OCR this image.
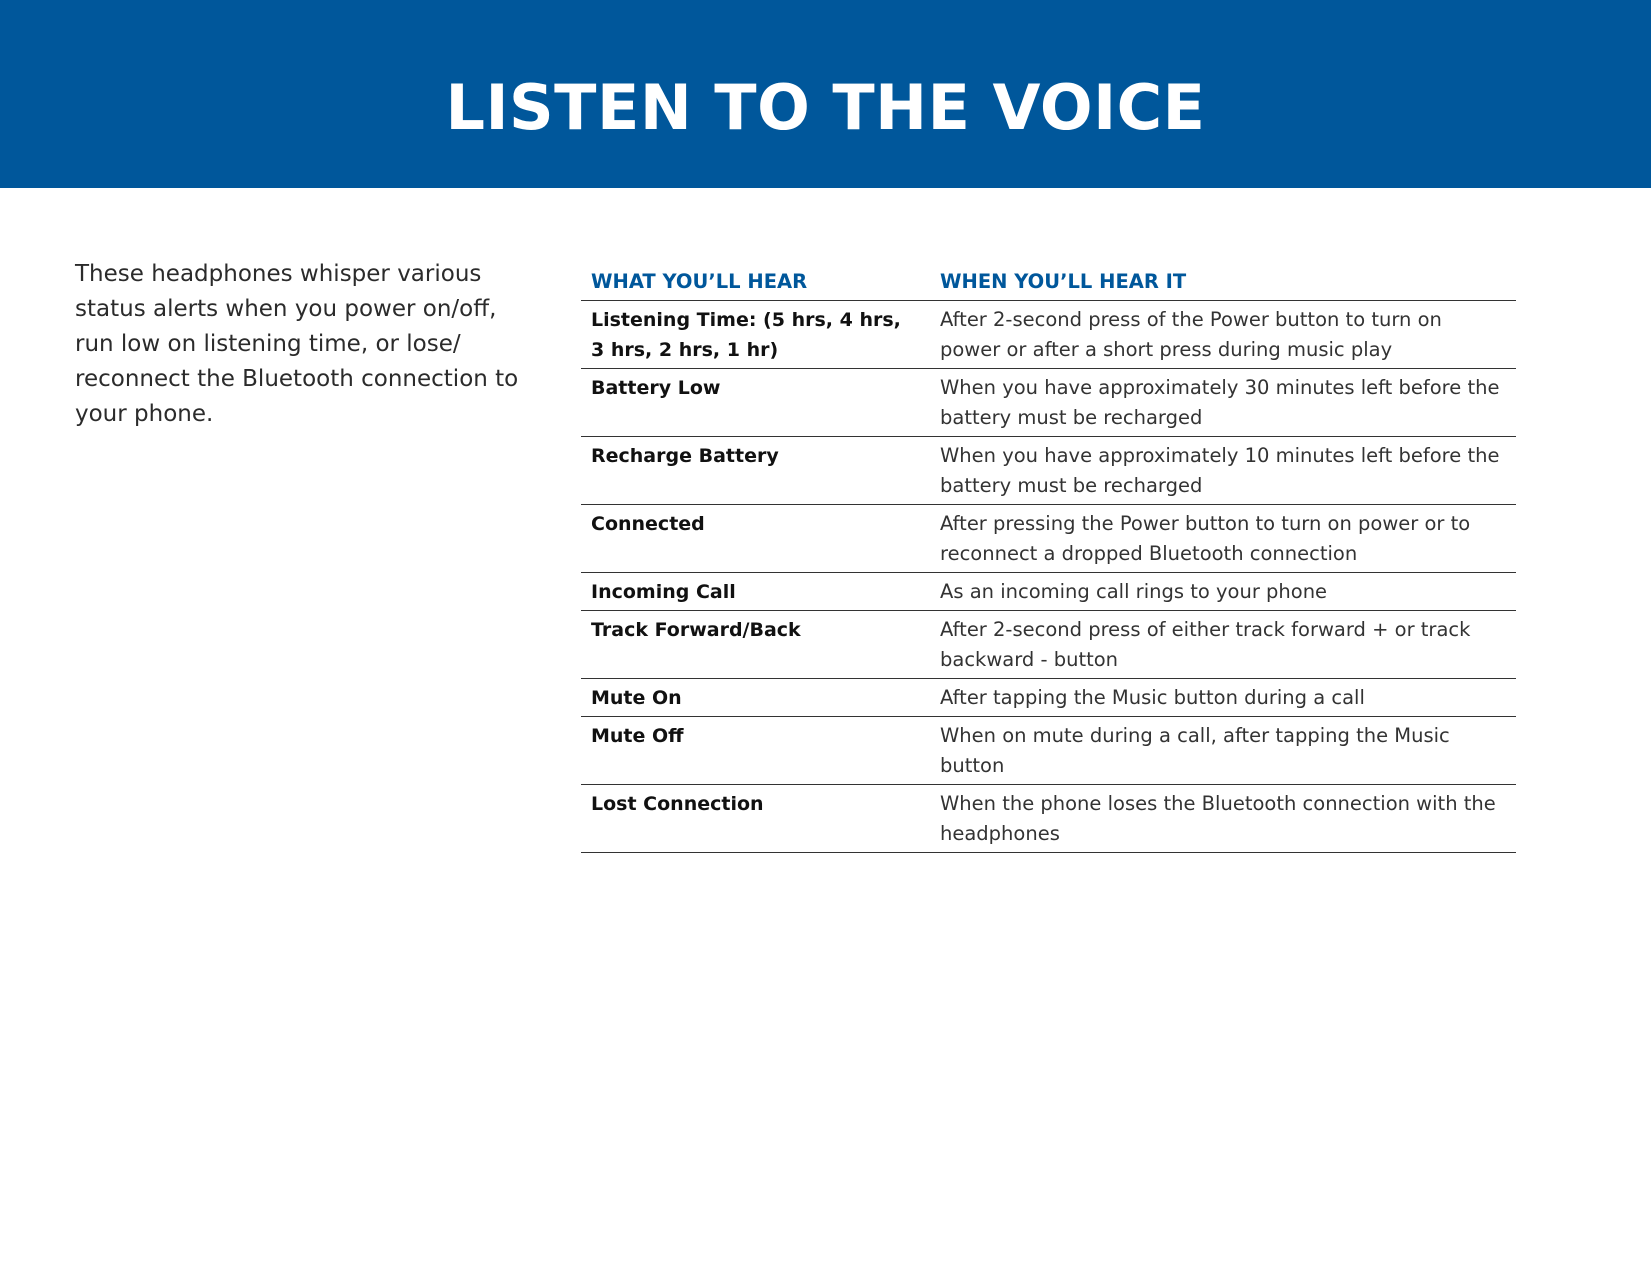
LISTEN TO THE VOICE

These headphones whisper various status alerts when you power on/off, run low on listening time, or lose/ reconnect the Bluetooth connection to your phone.

WHAT YOU’LL HEAR	WHEN YOU’LL HEAR IT
Listening Time: (5 hrs, 4 hrs, 3 hrs, 2 hrs, 1 hr)	After 2-second press of the Power button to turn on power or after a short press during music play
Battery Low	When you have approximately 30 minutes left before the battery must be recharged
Recharge Battery	When you have approximately 10 minutes left before the battery must be recharged
Connected	After pressing the Power button to turn on power or to reconnect a dropped Bluetooth connection
Incoming Call	As an incoming call rings to your phone
Track Forward/Back	After 2-second press of either track forward + or track backward - button
Mute On	After tapping the Music button during a call
Mute Off	When on mute during a call, after tapping the Music button
Lost Connection	When the phone loses the Bluetooth connection with the headphones
